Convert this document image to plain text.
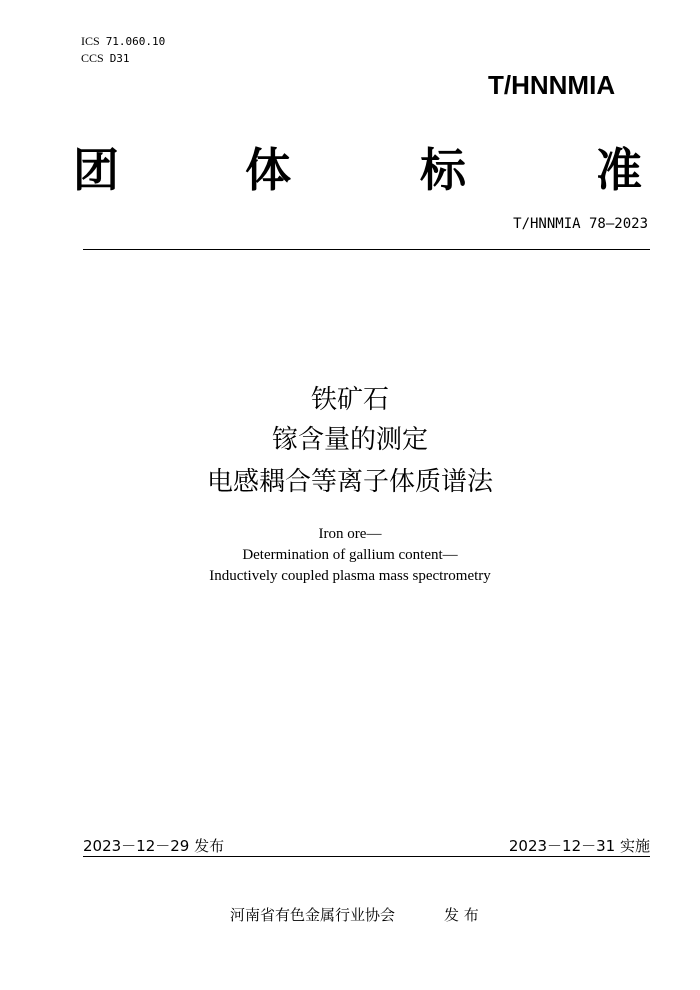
ICS 71.060.10
CCS D31
T/HNNMIA
团	体	标	准
T/HNNMIA 78—2023
铁矿石
镓含量的测定
电感耦合等离子体质谱法
Iron ore—
Determination of gallium content—
Inductively coupled plasma mass spectrometry
2023－12－29 发布	2023－12－31 实施
河南省有色金属行业协会	发 布
